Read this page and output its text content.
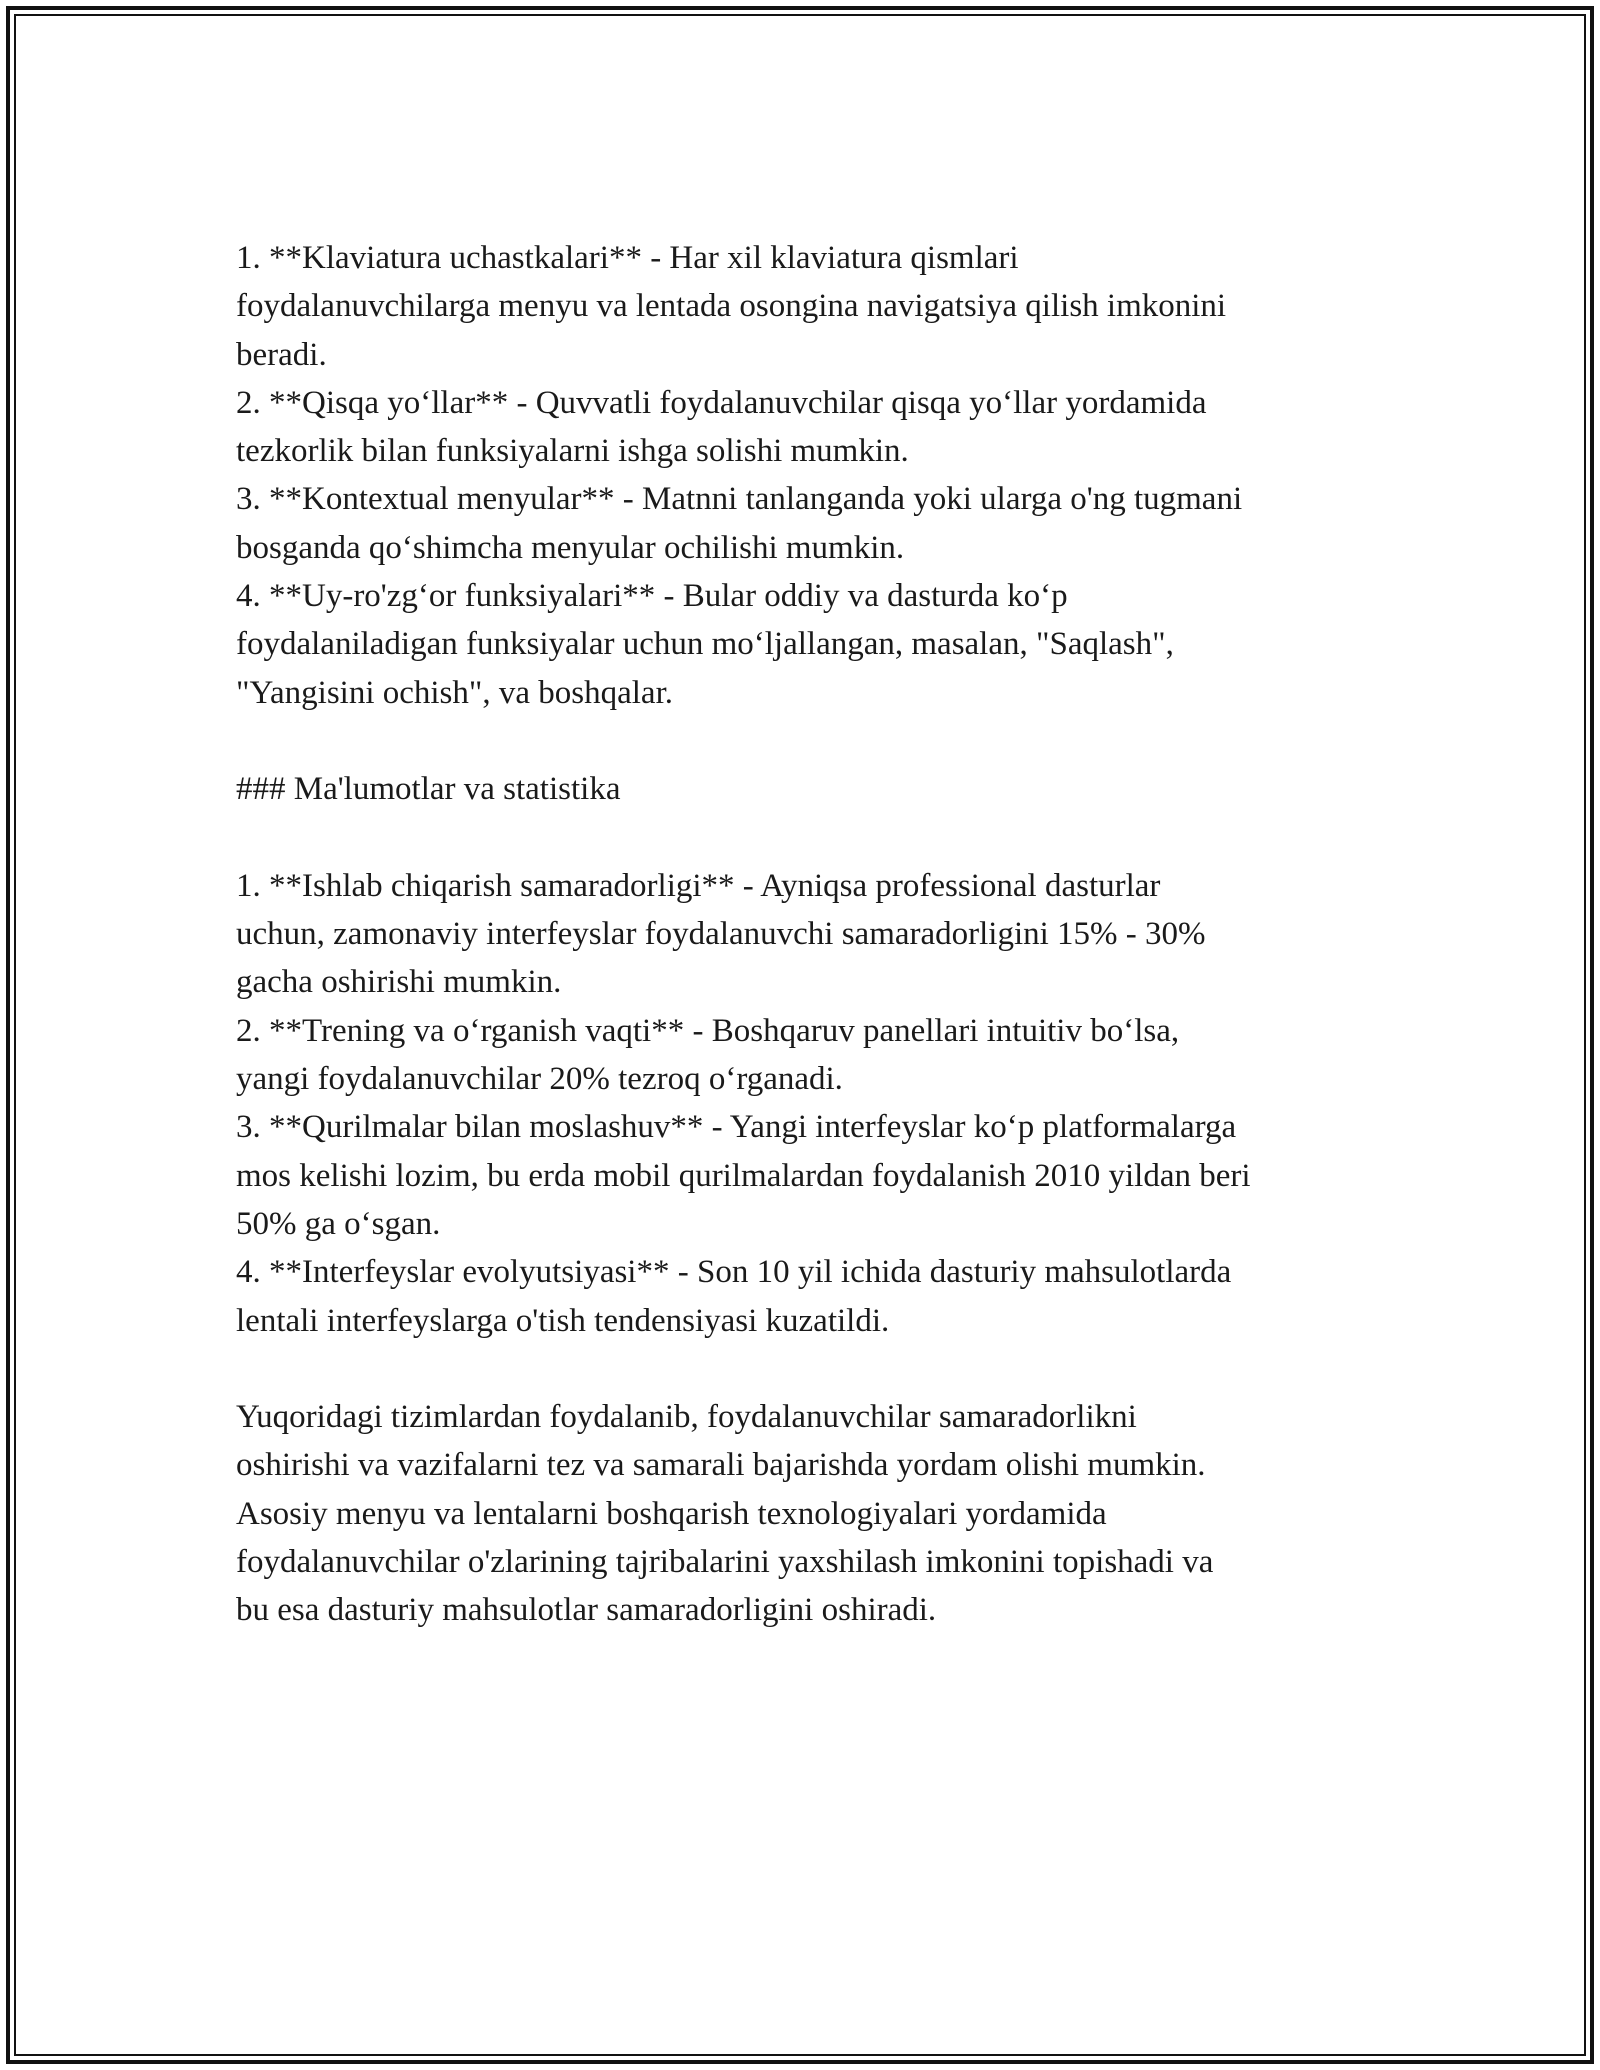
1. **Klaviatura uchastkalari** - Har xil klaviatura qismlari
foydalanuvchilarga menyu va lentada osongina navigatsiya qilish imkonini
beradi.
2. **Qisqa yo‘llar** - Quvvatli foydalanuvchilar qisqa yo‘llar yordamida
tezkorlik bilan funksiyalarni ishga solishi mumkin.
3. **Kontextual menyular** - Matnni tanlanganda yoki ularga o'ng tugmani
bosganda qo‘shimcha menyular ochilishi mumkin.
4. **Uy-ro'zg‘or funksiyalari** - Bular oddiy va dasturda ko‘p
foydalaniladigan funksiyalar uchun mo‘ljallangan, masalan, "Saqlash",
"Yangisini ochish", va boshqalar.
### Ma'lumotlar va statistika
1. **Ishlab chiqarish samaradorligi** - Ayniqsa professional dasturlar
uchun, zamonaviy interfeyslar foydalanuvchi samaradorligini 15% - 30%
gacha oshirishi mumkin.
2. **Trening va o‘rganish vaqti** - Boshqaruv panellari intuitiv bo‘lsa,
yangi foydalanuvchilar 20% tezroq o‘rganadi.
3. **Qurilmalar bilan moslashuv** - Yangi interfeyslar ko‘p platformalarga
mos kelishi lozim, bu erda mobil qurilmalardan foydalanish 2010 yildan beri
50% ga o‘sgan.
4. **Interfeyslar evolyutsiyasi** - Son 10 yil ichida dasturiy mahsulotlarda
lentali interfeyslarga o'tish tendensiyasi kuzatildi.
Yuqoridagi tizimlardan foydalanib, foydalanuvchilar samaradorlikni
oshirishi va vazifalarni tez va samarali bajarishda yordam olishi mumkin.
Asosiy menyu va lentalarni boshqarish texnologiyalari yordamida
foydalanuvchilar o'zlarining tajribalarini yaxshilash imkonini topishadi va
bu esa dasturiy mahsulotlar samaradorligini oshiradi.
